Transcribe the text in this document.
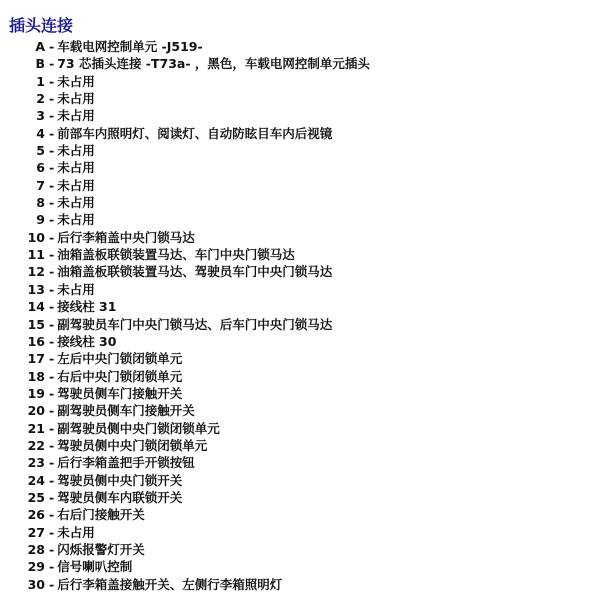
插头连接
A - 车载电网控制单元 -J519-
B - 73 芯插头连接 -T73a- ，黑色，车载电网控制单元插头
1 - 未占用
2 - 未占用
3 - 未占用
4 - 前部车内照明灯、阅读灯、自动防眩目车内后视镜
5 - 未占用
6 - 未占用
7 - 未占用
8 - 未占用
9 - 未占用
10 - 后行李箱盖中央门锁马达
11 - 油箱盖板联锁装置马达、车门中央门锁马达
12 - 油箱盖板联锁装置马达、驾驶员车门中央门锁马达
13 - 未占用
14 - 接线柱 31
15 - 副驾驶员车门中央门锁马达、后车门中央门锁马达
16 - 接线柱 30
17 - 左后中央门锁闭锁单元
18 - 右后中央门锁闭锁单元
19 - 驾驶员侧车门接触开关
20 - 副驾驶员侧车门接触开关
21 - 副驾驶员侧中央门锁闭锁单元
22 - 驾驶员侧中央门锁闭锁单元
23 - 后行李箱盖把手开锁按钮
24 - 驾驶员侧中央门锁开关
25 - 驾驶员侧车内联锁开关
26 - 右后门接触开关
27 - 未占用
28 - 闪烁报警灯开关
29 - 信号喇叭控制
30 - 后行李箱盖接触开关、左侧行李箱照明灯
